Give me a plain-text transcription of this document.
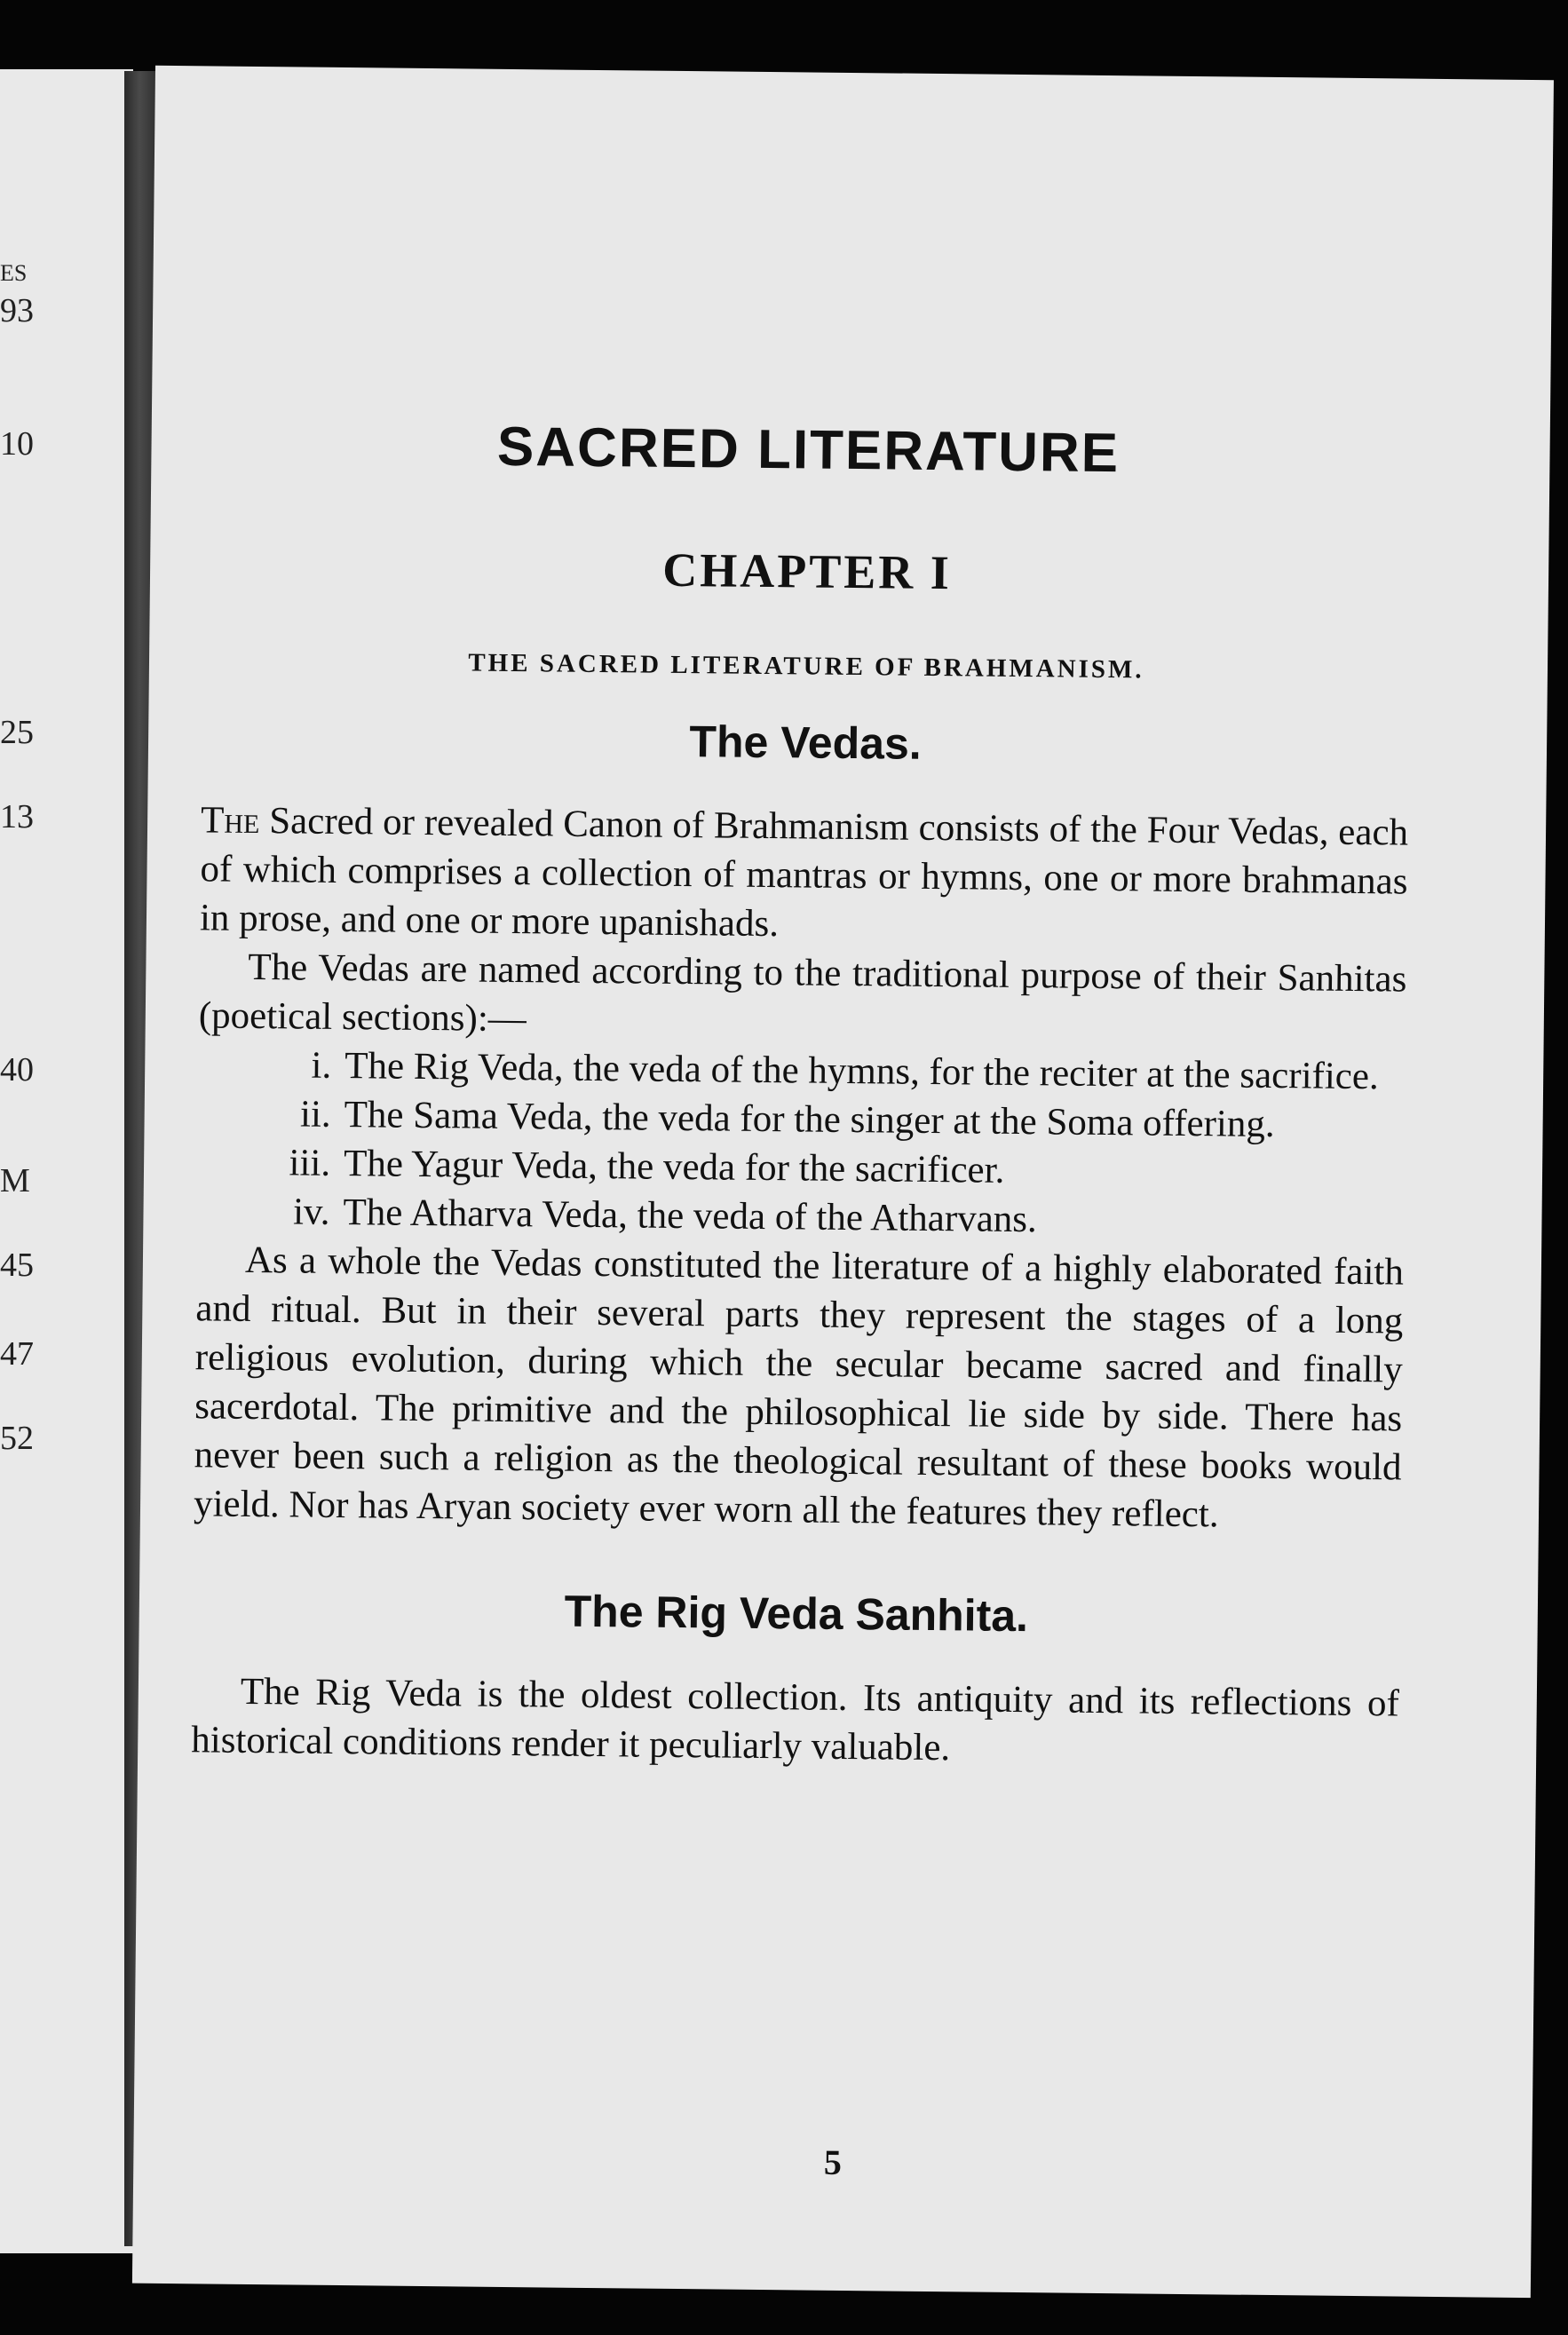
ES
93
10
25
13
40
M
45
47
52
SACRED LITERATURE
CHAPTER I
THE SACRED LITERATURE OF BRAHMANISM.
The Vedas.

The Sacred or revealed Canon of Brahmanism consists of the Four Vedas, each of which comprises a collection of mantras or hymns, one or more brahmanas in prose, and one or more upanishads.

The Vedas are named according to the traditional purpose of their Sanhitas (poetical sections):—

i. The Rig Veda, the veda of the hymns, for the reciter at the sacrifice.
ii. The Sama Veda, the veda for the singer at the Soma offering.
iii. The Yagur Veda, the veda for the sacrificer.
iv. The Atharva Veda, the veda of the Atharvans.

As a whole the Vedas constituted the literature of a highly elaborated faith and ritual. But in their several parts they represent the stages of a long religious evolution, during which the secular became sacred and finally sacerdotal. The primitive and the philosophical lie side by side. There has never been such a religion as the theological resultant of these books would yield. Nor has Aryan society ever worn all the features they reflect.

The Rig Veda Sanhita.

The Rig Veda is the oldest collection. Its antiquity and its reflections of historical conditions render it peculiarly valuable.

5
